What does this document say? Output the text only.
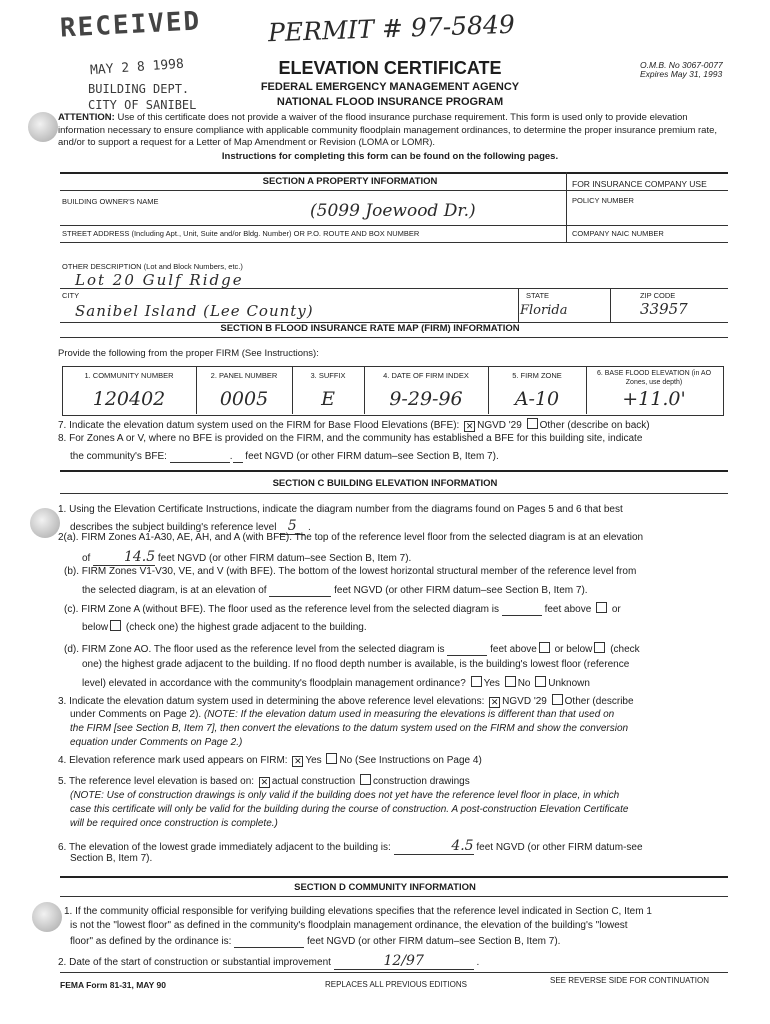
RECEIVED
MAY 2 8 1998
BUILDING DEPT.
CITY OF SANIBEL
PERMIT # 97-5849
O.M.B. No 3067-0077
Expires May 31, 1993
ELEVATION CERTIFICATE
FEDERAL EMERGENCY MANAGEMENT AGENCY
NATIONAL FLOOD INSURANCE PROGRAM
ATTENTION: Use of this certificate does not provide a waiver of the flood insurance purchase requirement. This form is used only to provide elevation information necessary to ensure compliance with applicable community floodplain management ordinances, to determine the proper insurance premium rate, and/or to support a request for a Letter of Map Amendment or Revision (LOMA or LOMR).
Instructions for completing this form can be found on the following pages.
SECTION A PROPERTY INFORMATION	FOR INSURANCE COMPANY USE
BUILDING OWNER'S NAME	POLICY NUMBER
(5099 Joewood Dr.)
STREET ADDRESS (Including Apt., Unit, Suite and/or Bldg. Number) OR P.O. ROUTE AND BOX NUMBER	COMPANY NAIC NUMBER
OTHER DESCRIPTION (Lot and Block Numbers, etc.)
Lot 20 Gulf Ridge
CITY	STATE	ZIP CODE
Sanibel Island (Lee County)	Florida	33957
SECTION B FLOOD INSURANCE RATE MAP (FIRM) INFORMATION
Provide the following from the proper FIRM (See Instructions):
1. COMMUNITY NUMBER	2. PANEL NUMBER	3. SUFFIX	4. DATE OF FIRM INDEX	5. FIRM ZONE	6. BASE FLOOD ELEVATION (in AO Zones, use depth)
120402	0005	E	9-29-96	A-10	+11.0'
7. Indicate the elevation datum system used on the FIRM for Base Flood Elevations (BFE): ✕ NGVD '29 Other (describe on back)
8. For Zones A or V, where no BFE is provided on the FIRM, and the community has established a BFE for this building site, indicate
the community's BFE:	. feet NGVD (or other FIRM datum–see Section B, Item 7).
SECTION C BUILDING ELEVATION INFORMATION
1. Using the Elevation Certificate Instructions, indicate the diagram number from the diagrams found on Pages 5 and 6 that best
describes the subject building's reference level 5 .
2(a). FIRM Zones A1-A30, AE, AH, and A (with BFE). The top of the reference level floor from the selected diagram is at an elevation
of 14.5 feet NGVD (or other FIRM datum–see Section B, Item 7).
(b). FIRM Zones V1-V30, VE, and V (with BFE). The bottom of the lowest horizontal structural member of the reference level from
the selected diagram, is at an elevation of	feet NGVD (or other FIRM datum–see Section B, Item 7).
(c). FIRM Zone A (without BFE). The floor used as the reference level from the selected diagram is	feet above or
below (check one) the highest grade adjacent to the building.
(d). FIRM Zone AO. The floor used as the reference level from the selected diagram is	feet above or below (check
one) the highest grade adjacent to the building. If no flood depth number is available, is the building's lowest floor (reference
level) elevated in accordance with the community's floodplain management ordinance? Yes No Unknown
3. Indicate the elevation datum system used in determining the above reference level elevations: ✕ NGVD '29 Other (describe
under Comments on Page 2). (NOTE: If the elevation datum used in measuring the elevations is different than that used on
the FIRM [see Section B, Item 7], then convert the elevations to the datum system used on the FIRM and show the conversion
equation under Comments on Page 2.)
4. Elevation reference mark used appears on FIRM: ✕ Yes No (See Instructions on Page 4)
5. The reference level elevation is based on: ✕ actual construction construction drawings
(NOTE: Use of construction drawings is only valid if the building does not yet have the reference level floor in place, in which
case this certificate will only be valid for the building during the course of construction. A post-construction Elevation Certificate
will be required once construction is complete.)
6. The elevation of the lowest grade immediately adjacent to the building is:	4.5 feet NGVD (or other FIRM datum-see
Section B, Item 7).
SECTION D COMMUNITY INFORMATION
1. If the community official responsible for verifying building elevations specifies that the reference level indicated in Section C, Item 1
is not the "lowest floor" as defined in the community's floodplain management ordinance, the elevation of the building's "lowest
floor" as defined by the ordinance is:	feet NGVD (or other FIRM datum–see Section B, Item 7).
2. Date of the start of construction or substantial improvement	12/97	.
FEMA Form 81-31, MAY 90	REPLACES ALL PREVIOUS EDITIONS	SEE REVERSE SIDE FOR CONTINUATION
